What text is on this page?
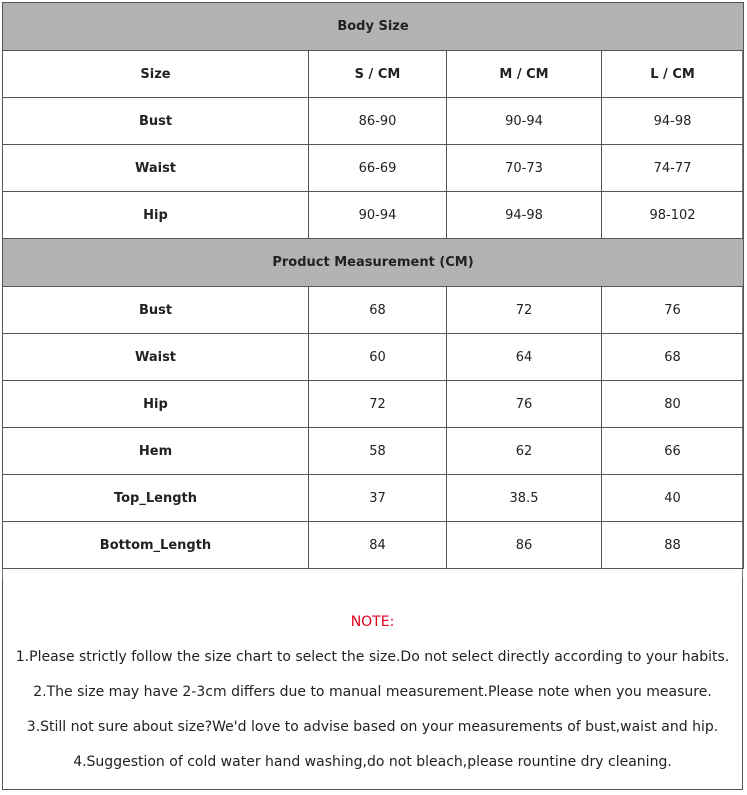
Body Size			
Size	S / CM	M / CM	L / CM
Bust	86-90	90-94	94-98
Waist	66-69	70-73	74-77
Hip	90-94	94-98	98-102
Product Measurement (CM)			
Bust	68	72	76
Waist	60	64	68
Hip	72	76	80
Hem	58	62	66
Top_Length	37	38.5	40
Bottom_Length	84	86	88

NOTE:

1.Please strictly follow the size chart to select the size.Do not select directly according to your habits.

2.The size may have 2-3cm differs due to manual measurement.Please note when you measure.

3.Still not sure about size?We'd love to advise based on your measurements of bust,waist and hip.

4.Suggestion of cold water hand washing,do not bleach,please rountine dry cleaning.
